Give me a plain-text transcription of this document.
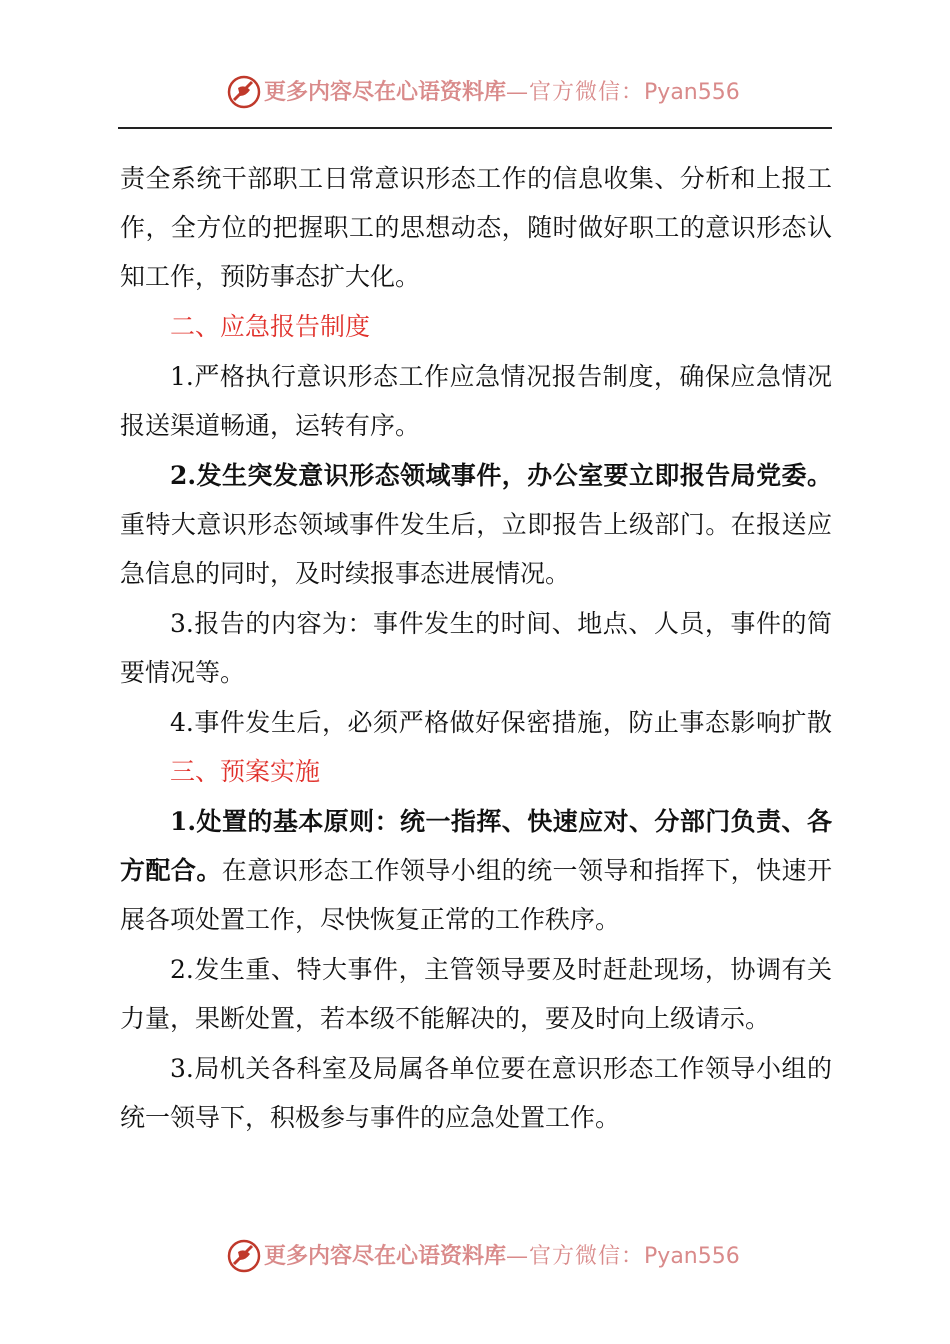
更多内容尽在心语资料库—官方微信：Pyan556
责全系统干部职工日常意识形态工作的信息收集、分析和上报工
作，全方位的把握职工的思想动态，随时做好职工的意识形态认
知工作，预防事态扩大化。
二、应急报告制度
1.严格执行意识形态工作应急情况报告制度，确保应急情况
报送渠道畅通，运转有序。
2.发生突发意识形态领域事件，办公室要立即报告局党委。
重特大意识形态领域事件发生后，立即报告上级部门。在报送应
急信息的同时，及时续报事态进展情况。
3.报告的内容为：事件发生的时间、地点、人员，事件的简
要情况等。
4.事件发生后，必须严格做好保密措施，防止事态影响扩散
三、预案实施
1.处置的基本原则：统一指挥、快速应对、分部门负责、各
方配合。在意识形态工作领导小组的统一领导和指挥下，快速开
展各项处置工作，尽快恢复正常的工作秩序。
2.发生重、特大事件，主管领导要及时赶赴现场，协调有关
力量，果断处置，若本级不能解决的，要及时向上级请示。
3.局机关各科室及局属各单位要在意识形态工作领导小组的
统一领导下，积极参与事件的应急处置工作。
更多内容尽在心语资料库—官方微信：Pyan556
